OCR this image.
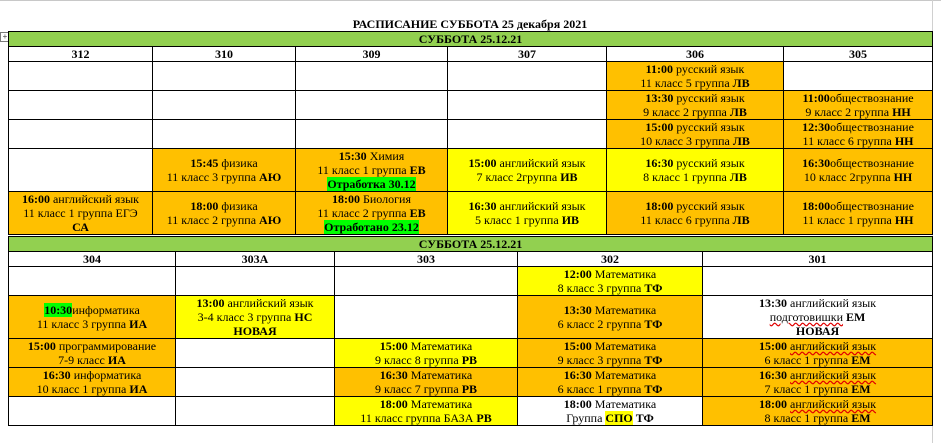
+
РАСПИСАНИЕ СУББОТА 25 декабря 2021
СУББОТА 25.12.21					
312	310	309	307	306	305

				11:00 русский язык
11 класс 5 группа ЛВ	

				13:30 русский язык
9 класс 2 группа ЛВ	11:00обществознание
9 класс 2 группа НН

				15:00 русский язык
10 класс 3 группа ЛВ	12:30обществознание
11 класс 6 группа НН

	15:45 физика
11 класс 3 группа АЮ	15:30 Химия
11 класс 1 группа ЕВ
Отработка 30.12	15:00 английский язык
7 класс 2группа ИВ	16:30 русский язык
8 класс 1 группа ЛВ	16:30обществознание
10 класс 2группа НН

16:00 английский язык
11 класс 1 группа ЕГЭ
СА	18:00 физика
11 класс 2 группа АЮ	18:00 Биология
11 класс 2 группа ЕВ
Отработано 23.12	16:30 английский язык
5 класс 1 группа ИВ	18:00 русский язык
11 класс 6 группа ЛВ	18:00обществознание
11 класс 1 группа НН
СУББОТА 25.12.21				
304	303А	303	302	301

			12:00 Математика
8 класс 3 группа ТФ	

10:30информатика
11 класс 3 группа ИА	13:00 английский язык
3-4 класс 3 группа НС
НОВАЯ		13:30 Математика
6 класс 2 группа ТФ	13:30 английский язык
подготовишки ЕМ
НОВАЯ

15:00 программирование
7-9 класс ИА		15:00 Математика
9 класс 8 группа РВ	15:00 Математика
9 класс 3 группа ТФ	15:00 английский язык
6 класс 1 группа ЕМ

16:30 информатика
10 класс 1 группа ИА		16:30 Математика
9 класс 7 группа РВ	16:30 Математика
6 класс 1 группа ТФ	16:30 английский язык
7 класс 1 группа ЕМ

		18:00 Математика
11 класс группа БАЗА РВ	18:00 Математика
Группа СПО ТФ	18:00 английский язык
8 класс 1 группа ЕМ
